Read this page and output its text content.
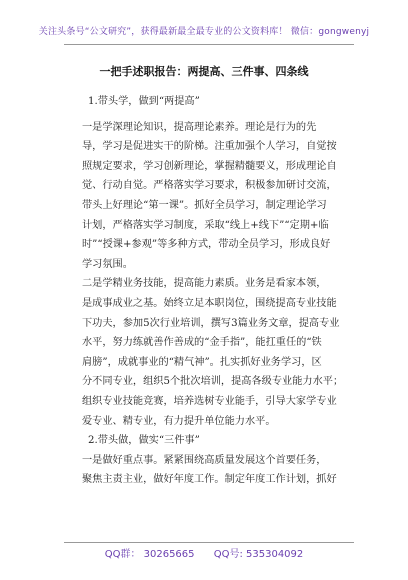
关注头条号“公文研究”，获得最新最全最专业的公文资料库！ 微信：gongwenyj
一把手述职报告：两提高、三件事、四条线
1.带头学，做到“两提高”
一是学深理论知识，提高理论素养。理论是行为的先
导，学习是促进实干的阶梯。注重加强个人学习，自觉按
照规定要求，学习创新理论，掌握精髓要义，形成理论自
觉、行动自觉。严格落实学习要求，积极参加研讨交流，
带头上好理论“第一课”。抓好全员学习，制定理论学习
计划，严格落实学习制度，采取“线上+线下”“定期+临
时”“授课+参观”等多种方式，带动全员学习，形成良好
学习氛围。
二是学精业务技能，提高能力素质。业务是看家本领，
是成事成业之基。始终立足本职岗位，围绕提高专业技能
下功夫，参加5次行业培训，撰写3篇业务文章，提高专业
水平，努力练就善作善成的“金手指”，能扛重任的“铁
肩膀”，成就事业的“精气神”。扎实抓好业务学习，区
分不同专业，组织5个批次培训，提高各级专业能力水平；
组织专业技能竞赛，培养选树专业能手，引导大家学专业
爱专业、精专业，有力提升单位能力水平。
2.带头做，做实“三件事”
一是做好重点事。紧紧围绕高质量发展这个首要任务，
聚焦主责主业，做好年度工作。制定年度工作计划，抓好
QQ群： 30265665 QQ号: 535304092
